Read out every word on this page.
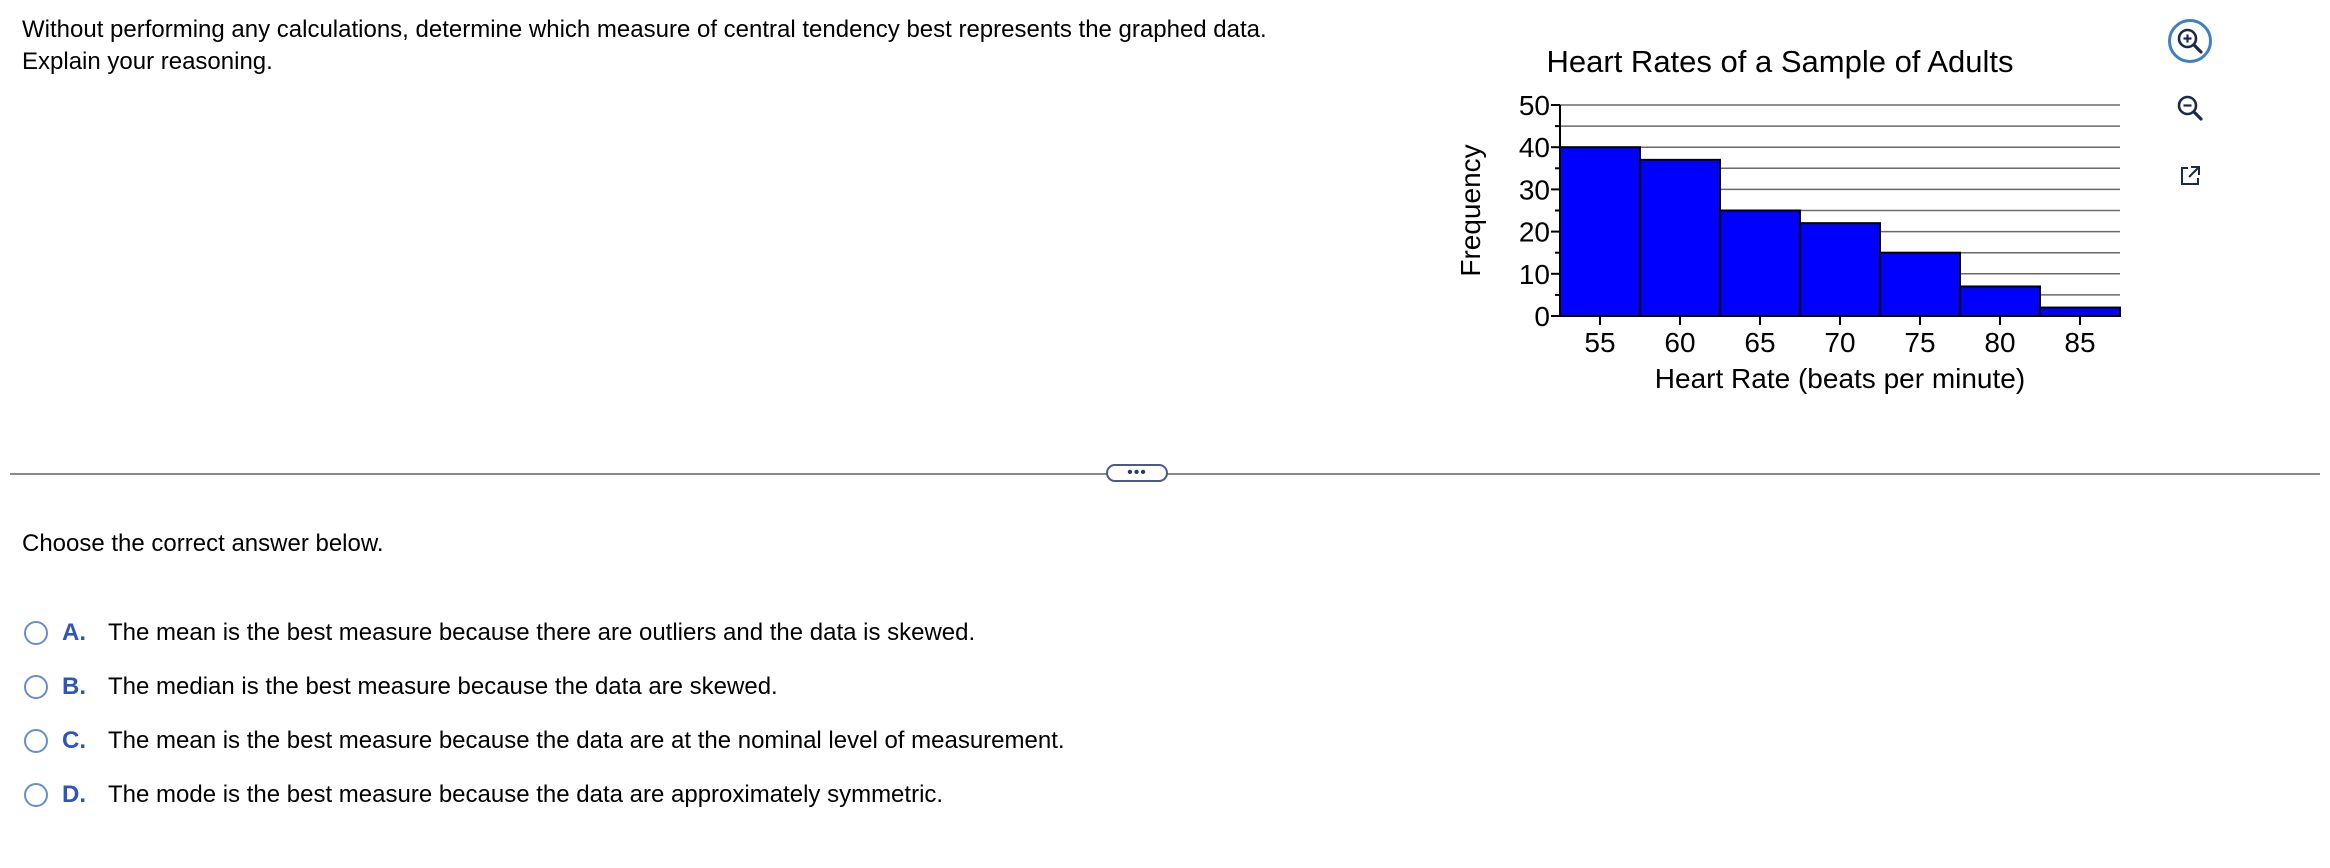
Without performing any calculations, determine which measure of central tendency best represents the graphed data.
Explain your reasoning.	Heart Rates of a Sample of Adults
0
10
20
30
40
50
55 60 65 70 75 80 85
Heart Rate (beats per minute)
Frequency
•••
Choose the correct answer below.
A. The mean is the best measure because there are outliers and the data is skewed.
B. The median is the best measure because the data are skewed.
C. The mean is the best measure because the data are at the nominal level of measurement.
D. The mode is the best measure because the data are approximately symmetric.
